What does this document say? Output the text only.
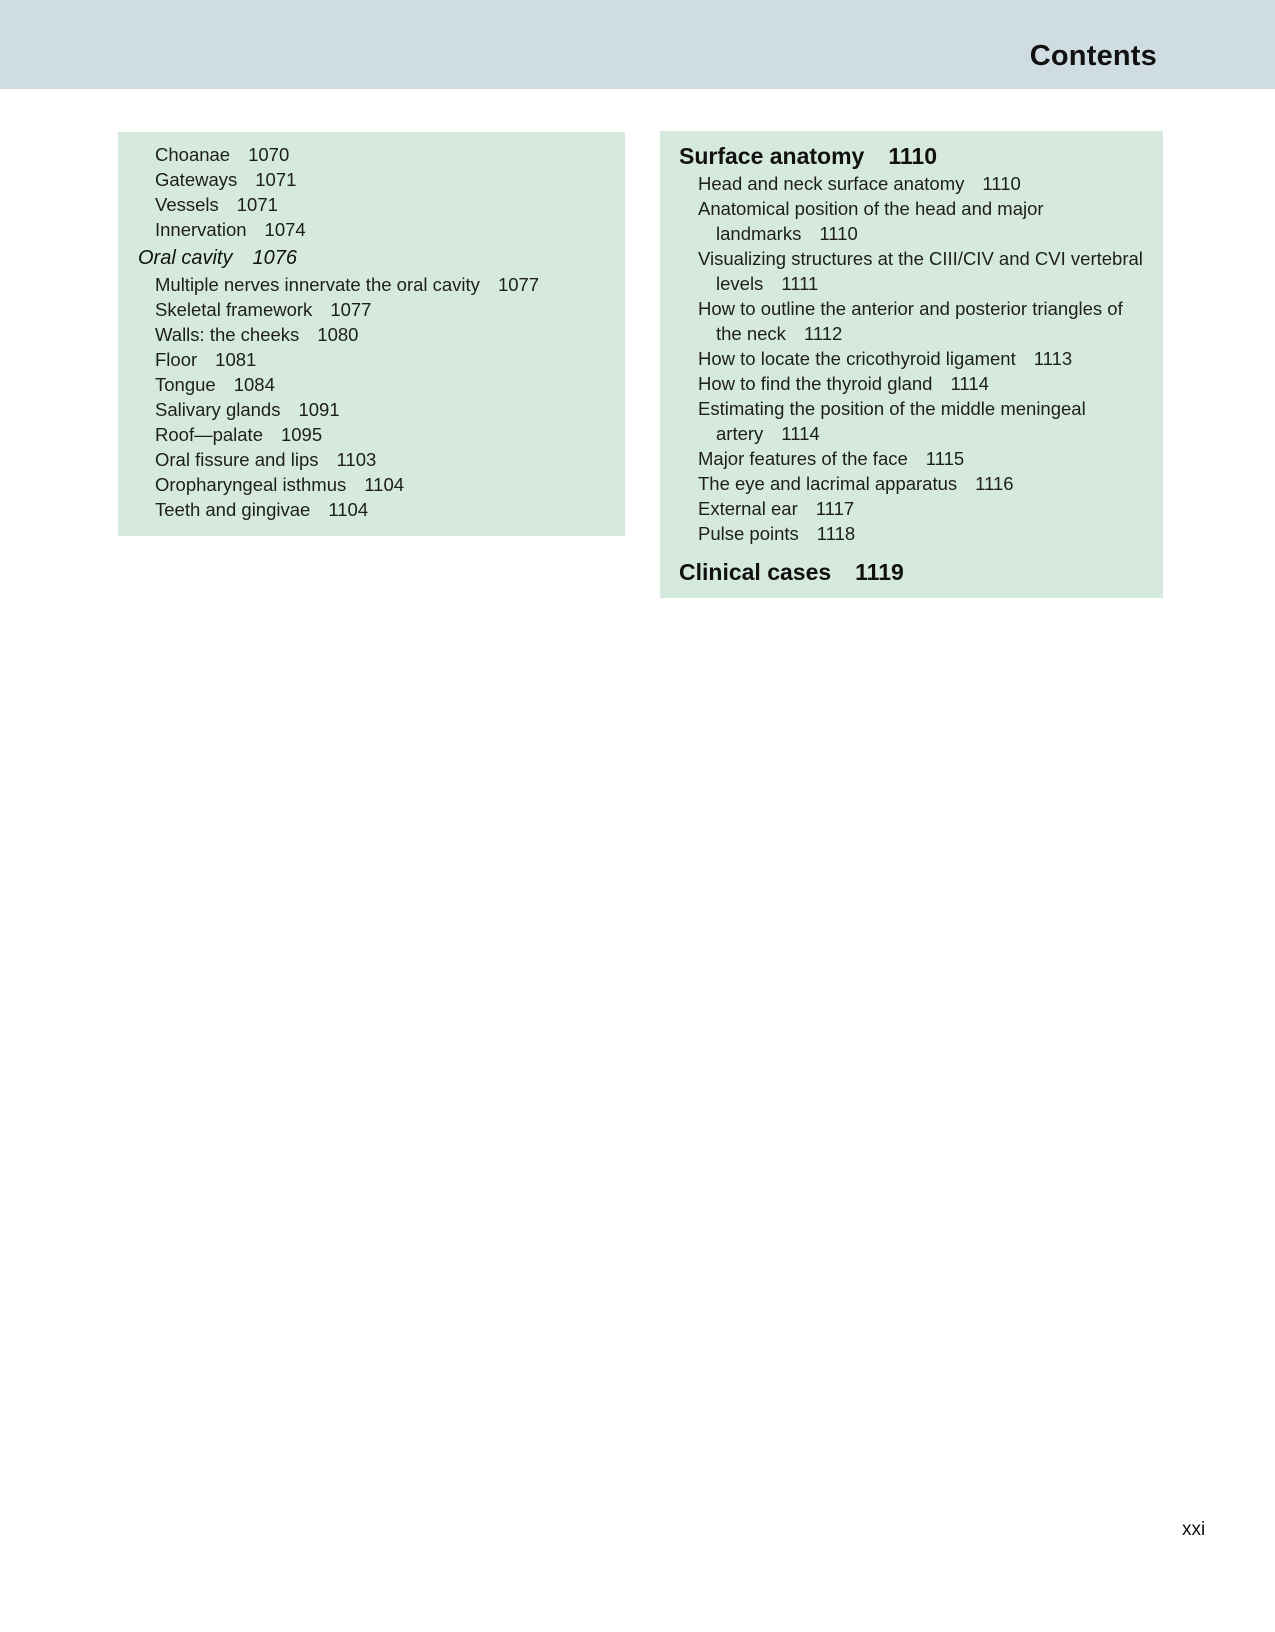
Contents
Choanae 1070
Gateways 1071
Vessels 1071
Innervation 1074
Oral cavity 1076
Multiple nerves innervate the oral cavity 1077
Skeletal framework 1077
Walls: the cheeks 1080
Floor 1081
Tongue 1084
Salivary glands 1091
Roof—palate 1095
Oral fissure and lips 1103
Oropharyngeal isthmus 1104
Teeth and gingivae 1104
Surface anatomy 1110
Head and neck surface anatomy 1110
Anatomical position of the head and major
landmarks 1110
Visualizing structures at the CIII/CIV and CVI vertebral
levels 1111
How to outline the anterior and posterior triangles of
the neck 1112
How to locate the cricothyroid ligament 1113
How to find the thyroid gland 1114
Estimating the position of the middle meningeal
artery 1114
Major features of the face 1115
The eye and lacrimal apparatus 1116
External ear 1117
Pulse points 1118
Clinical cases 1119
xxi
